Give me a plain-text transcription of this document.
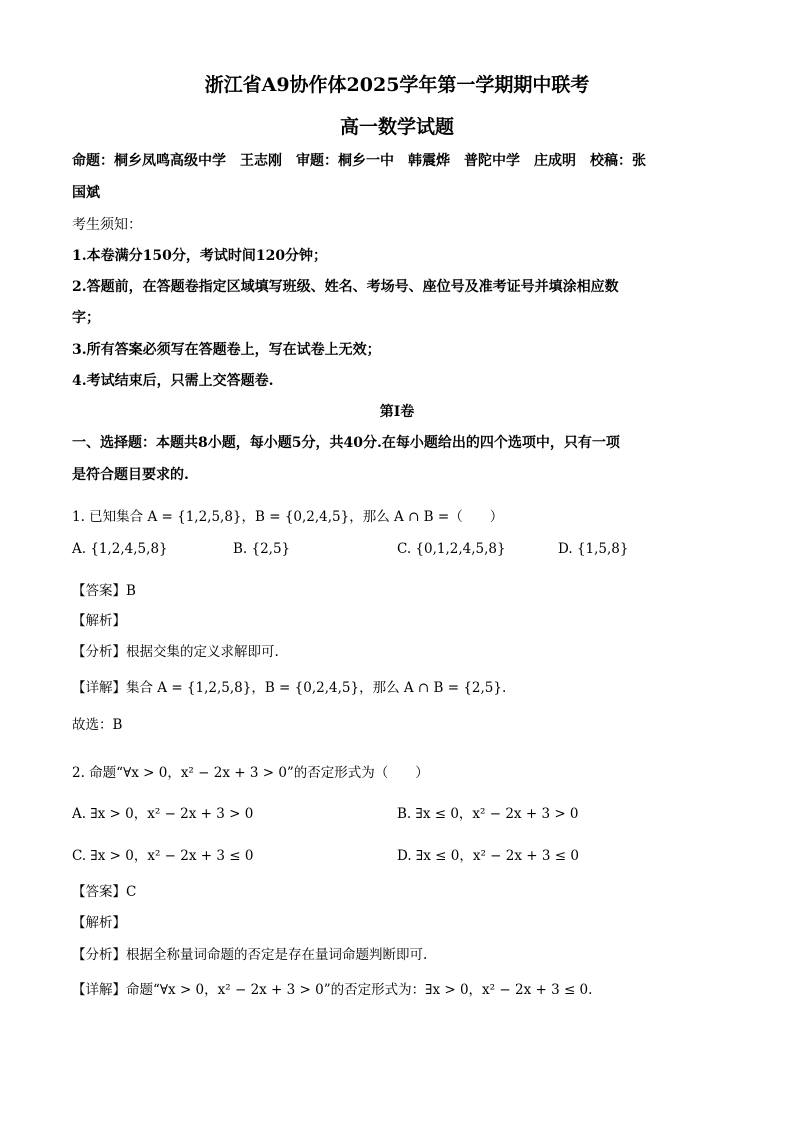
浙江省A9协作体2025学年第一学期期中联考
高一数学试题
命题：桐乡凤鸣高级中学　王志刚　审题：桐乡一中　韩震烨　普陀中学　庄成明　校稿：张
国斌
考生须知：
1.本卷满分150分，考试时间120分钟；
2.答题前，在答题卷指定区域填写班级、姓名、考场号、座位号及准考证号并填涂相应数
字；
3.所有答案必须写在答题卷上，写在试卷上无效；
4.考试结束后，只需上交答题卷.
第Ⅰ卷
一、选择题：本题共8小题，每小题5分，共40分.在每小题给出的四个选项中，只有一项
是符合题目要求的.
1. 已知集合 A = {1,2,5,8}，B = {0,2,4,5}，那么 A ∩ B =（　　）
A. {1,2,4,5,8}	B. {2,5}	C. {0,1,2,4,5,8}	D. {1,5,8}
【答案】B
【解析】
【分析】根据交集的定义求解即可.
【详解】集合 A = {1,2,5,8}，B = {0,2,4,5}，那么 A ∩ B = {2,5}.
故选：B
2. 命题“∀x > 0，x² − 2x + 3 > 0”的否定形式为（　　）
A. ∃x > 0，x² − 2x + 3 > 0	B. ∃x ≤ 0，x² − 2x + 3 > 0
C. ∃x > 0，x² − 2x + 3 ≤ 0	D. ∃x ≤ 0，x² − 2x + 3 ≤ 0
【答案】C
【解析】
【分析】根据全称量词命题的否定是存在量词命题判断即可.
【详解】命题“∀x > 0，x² − 2x + 3 > 0”的否定形式为：∃x > 0，x² − 2x + 3 ≤ 0.
